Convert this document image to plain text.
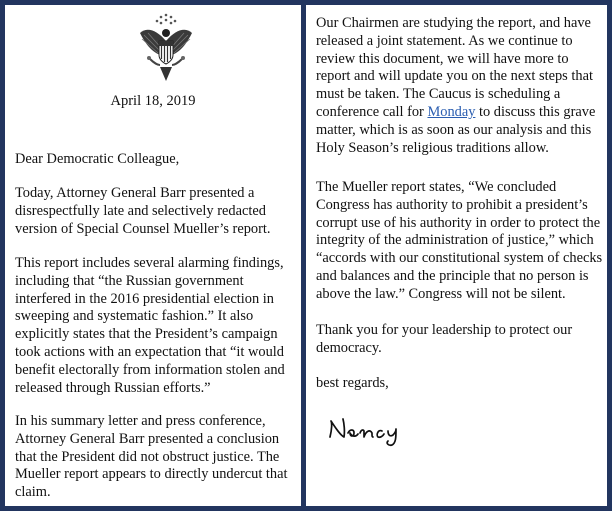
April 18, 2019

Dear Democratic Colleague,

Today, Attorney General Barr presented a disrespectfully late and selectively redacted version of Special Counsel Mueller’s report.

This report includes several alarming findings, including that “the Russian government interfered in the 2016 presidential election in sweeping and systematic fashion.” It also explicitly states that the President’s campaign took actions with an expectation that “it would benefit electorally from information stolen and released through Russian efforts.”

In his summary letter and press conference, Attorney General Barr presented a conclusion that the President did not obstruct justice. The Mueller report appears to directly undercut that claim.

Our Chairmen are studying the report, and have released a joint statement. As we continue to review this document, we will have more to report and will update you on the next steps that must be taken. The Caucus is scheduling a conference call for Monday to discuss this grave matter, which is as soon as our analysis and this Holy Season’s religious traditions allow.

The Mueller report states, “We concluded Congress has authority to prohibit a president’s corrupt use of his authority in order to protect the integrity of the administration of justice,” which “accords with our constitutional system of checks and balances and the principle that no person is above the law.” Congress will not be silent.

Thank you for your leadership to protect our democracy.

best regards,
